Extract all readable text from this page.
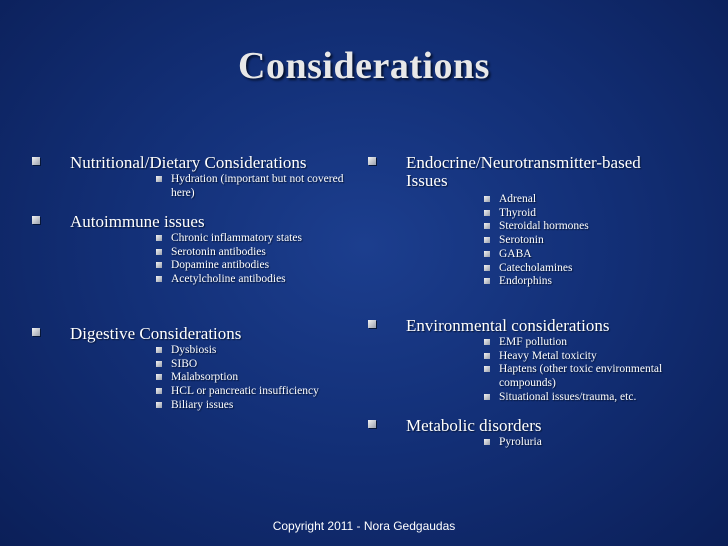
Considerations
Nutritional/Dietary Considerations
Hydration (important but not covered here)
Autoimmune issues
Chronic inflammatory states
Serotonin antibodies
Dopamine antibodies
Acetylcholine antibodies
Digestive Considerations
Dysbiosis
SIBO
Malabsorption
HCL or pancreatic insufficiency
Biliary issues
Endocrine/Neurotransmitter-based Issues
Adrenal
Thyroid
Steroidal hormones
Serotonin
GABA
Catecholamines
Endorphins
Environmental considerations
EMF pollution
Heavy Metal toxicity
Haptens (other toxic environmental compounds)
Situational issues/trauma, etc.
Metabolic disorders
Pyroluria
Copyright 2011 - Nora Gedgaudas
